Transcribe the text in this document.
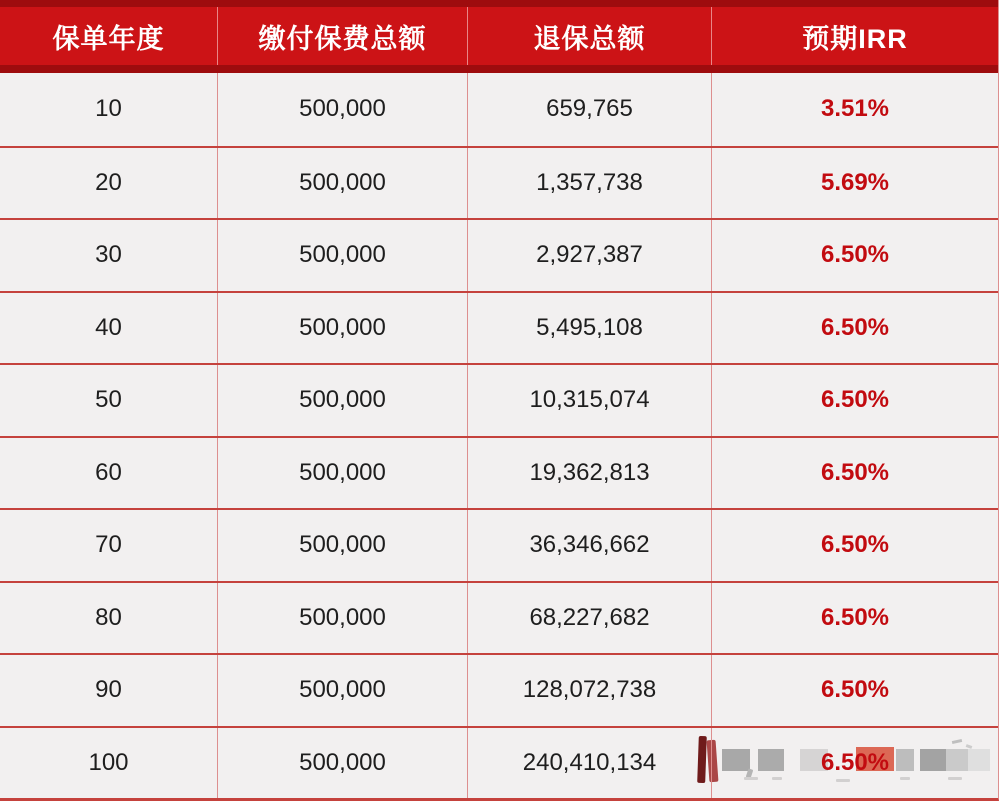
保单年度	缴付保费总额	退保总额	预期IRR
10	500,000	659,765	3.51%
20	500,000	1,357,738	5.69%
30	500,000	2,927,387	6.50%
40	500,000	5,495,108	6.50%
50	500,000	10,315,074	6.50%
60	500,000	19,362,813	6.50%
70	500,000	36,346,662	6.50%
80	500,000	68,227,682	6.50%
90	500,000	128,072,738	6.50%
100	500,000	240,410,134	6.50%
